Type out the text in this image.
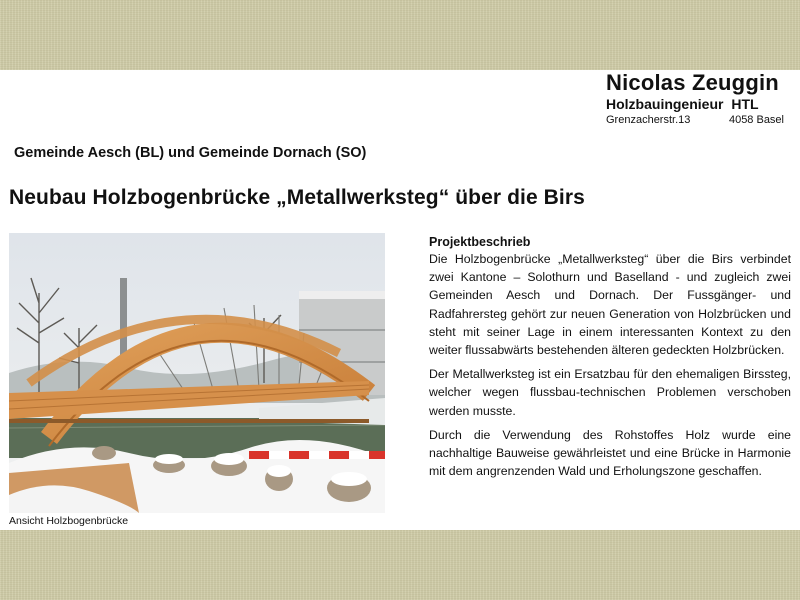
Nicolas Zeuggin
Holzbauingenieur HTL
Grenzacherstr.13	4058 Basel
Gemeinde Aesch (BL) und Gemeinde Dornach (SO)
Neubau Holzbogenbrücke „Metallwerksteg“ über die Birs
Ansicht Holzbogenbrücke
Projektbeschrieb

Die Holzbogenbrücke „Metallwerksteg“ über die Birs verbindet zwei Kantone – Solothurn und Baselland - und zugleich zwei Gemeinden Aesch und Dornach. Der Fussgänger- und Radfahrersteg gehört zur neuen Generation von Holzbrücken und steht mit seiner Lage in einem interessanten Kontext zu den weiter flussabwärts bestehenden älteren gedeckten Holzbrücken.

Der Metallwerksteg ist ein Ersatzbau für den ehemaligen Birssteg, welcher wegen flussbau-technischen Problemen verschoben werden musste.

Durch die Verwendung des Rohstoffes Holz wurde eine nachhaltige Bauweise gewährleistet und eine Brücke in Harmonie mit dem angrenzenden Wald und Erholungszone geschaffen.
